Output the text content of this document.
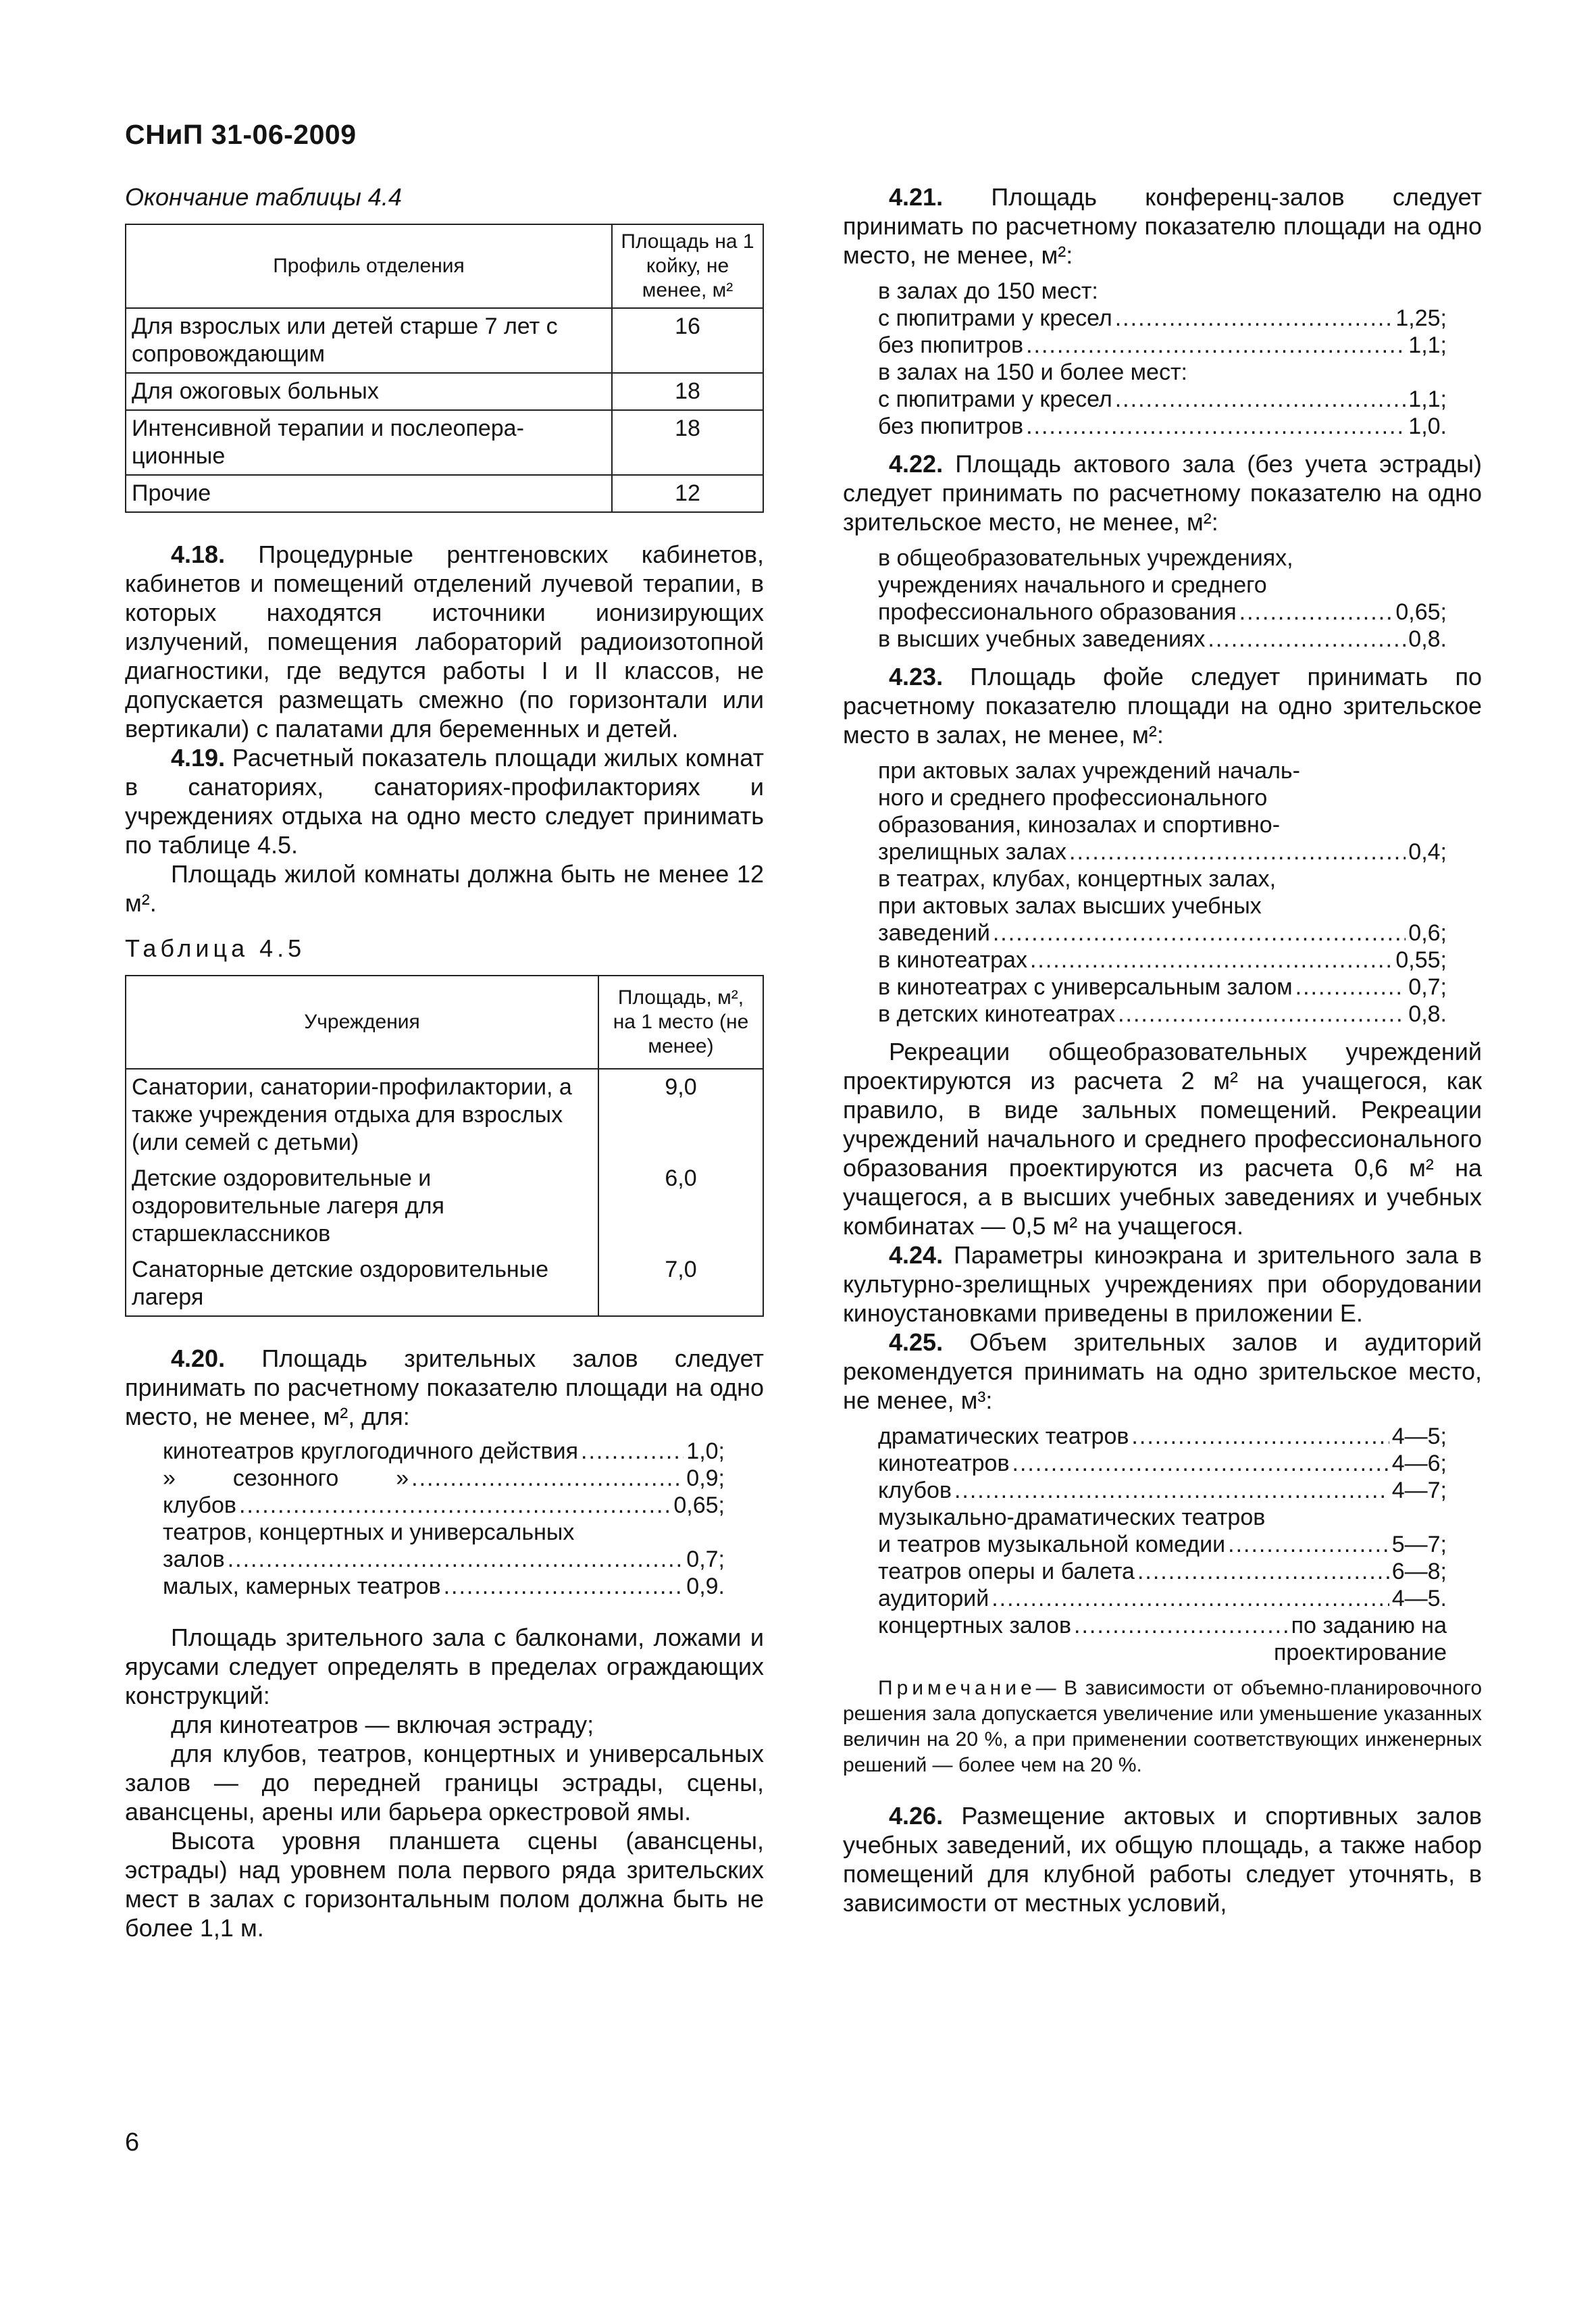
СНиП 31-06-2009

Окончание таблицы 4.4

Профиль отделения	Площадь на 1 койку, не менее, м²
Для взрослых или детей старше 7 лет с сопровождающим	16
Для ожоговых больных	18
Интенсивной терапии и послеопера-ционные	18
Прочие	12

4.18. Процедурные рентгеновских кабинетов, кабинетов и помещений отделений лучевой терапии, в которых находятся источники ионизирующих излучений, помещения лабораторий радиоизотопной диагностики, где ведутся работы I и II классов, не допускается размещать смежно (по горизонтали или вертикали) с палатами для беременных и детей.

4.19. Расчетный показатель площади жилых комнат в санаториях, санаториях-профилакториях и учреждениях отдыха на одно место следует принимать по таблице 4.5.

Площадь жилой комнаты должна быть не менее 12 м².

Таблица 4.5

Учреждения	Площадь, м², на 1 место (не менее)
Санатории, санатории-профилактории, а также учреждения отдыха для взрослых (или семей с детьми)	9,0
Детские оздоровительные и оздоровительные лагеря для старшеклассников	6,0
Санаторные детские оздоровительные лагеря	7,0

4.20. Площадь зрительных залов следует принимать по расчетному показателю площади на одно место, не менее, м², для:

кинотеатров круглогодичного действия .....	1,0;
»         сезонного         » .....	0,9;
клубов .....	0,65;
театров, концертных и универсальных
залов .....	0,7;
малых, камерных театров .....	0,9.

Площадь зрительного зала с балконами, ложами и ярусами следует определять в пределах ограждающих конструкций:

для кинотеатров — включая эстраду;

для клубов, театров, концертных и универсальных залов — до передней границы эстрады, сцены, авансцены, арены или барьера оркестровой ямы.

Высота уровня планшета сцены (авансцены, эстрады) над уровнем пола первого ряда зрительских мест в залах с горизонтальным полом должна быть не более 1,1 м.

4.21. Площадь конференц-залов следует принимать по расчетному показателю площади на одно место, не менее, м²:

в залах до 150 мест:
с пюпитрами у кресел .....	1,25;
без пюпитров .....	1,1;
в залах на 150 и более мест:
с пюпитрами у кресел .....	1,1;
без пюпитров .....	1,0.

4.22. Площадь актового зала (без учета эстрады) следует принимать по расчетному показателю на одно зрительское место, не менее, м²:

в общеобразовательных учреждениях,
учреждениях начального и среднего
профессионального образования .....	0,65;
в высших учебных заведениях .....	0,8.

4.23. Площадь фойе следует принимать по расчетному показателю площади на одно зрительское место в залах, не менее, м²:

при актовых залах учреждений началь-
ного и среднего профессионального
образования, кинозалах и спортивно-
зрелищных залах .....	0,4;
в театрах, клубах, концертных залах,
при актовых залах высших учебных
заведений .....	0,6;
в кинотеатрах .....	0,55;
в кинотеатрах с универсальным залом .....	0,7;
в детских кинотеатрах .....	0,8.

Рекреации общеобразовательных учреждений проектируются из расчета 2 м² на учащегося, как правило, в виде зальных помещений. Рекреации учреждений начального и среднего профессионального образования проектируются из расчета 0,6 м² на учащегося, а в высших учебных заведениях и учебных комбинатах — 0,5 м² на учащегося.

4.24. Параметры киноэкрана и зрительного зала в культурно-зрелищных учреждениях при оборудовании киноустановками приведены в приложении Е.

4.25. Объем зрительных залов и аудиторий рекомендуется принимать на одно зрительское место, не менее, м³:

драматических театров .....	4—5;
кинотеатров .....	4—6;
клубов .....	4—7;
музыкально-драматических театров
и театров музыкальной комедии .....	5—7;
театров оперы и балета .....	6—8;
аудиторий .....	4—5.
концертных залов .....	по заданию на
проектирование

Примечание— В зависимости от объемно-планировочного решения зала допускается увеличение или уменьшение указанных величин на 20 %, а при применении соответствующих инженерных решений — более чем на 20 %.

4.26. Размещение актовых и спортивных залов учебных заведений, их общую площадь, а также набор помещений для клубной работы следует уточнять, в зависимости от местных условий,

6
